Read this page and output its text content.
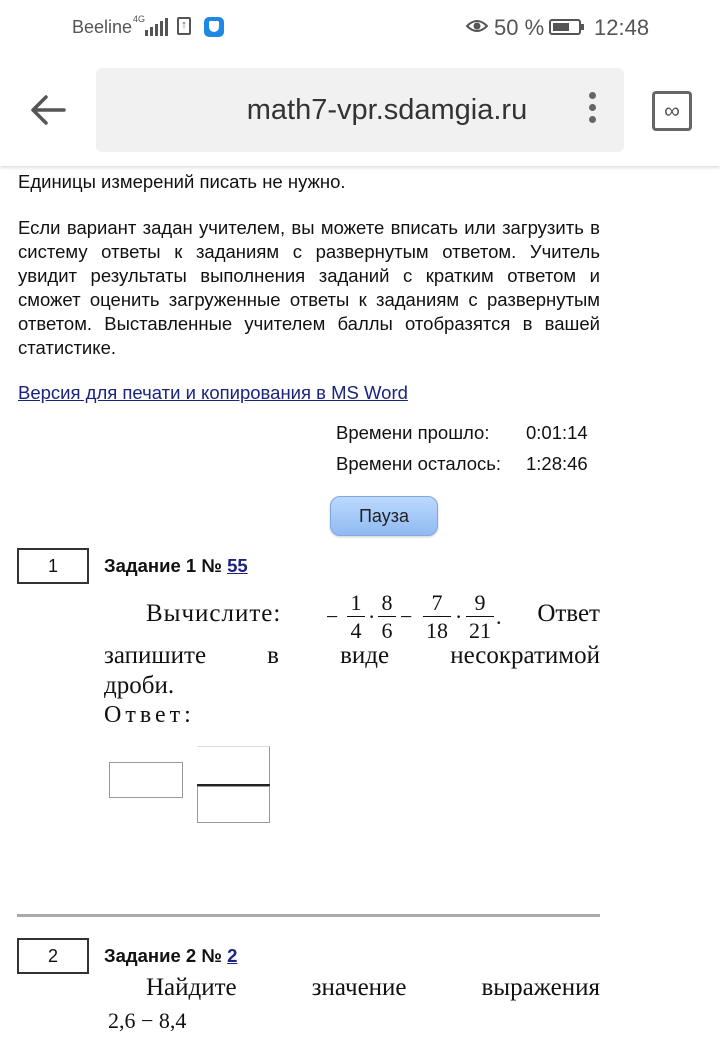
Beeline 4G	↑	50 % 12:48
math7-vpr.sdamgia.ru	∞
Единицы измерений писать не нужно.
Если вариант задан учителем, вы можете вписать или загрузить в систему ответы к заданиям с развернутым ответом. Учитель увидит результаты выполнения заданий с кратким ответом и сможет оценить загруженные ответы к заданиям с развернутым ответом. Выставленные учителем баллы отобразятся в вашей статистике.
Версия для печати и копирования в MS Word
Времени прошло: 0:01:14
Времени осталось: 1:28:46
Пауза
1	Задание 1 № 55
Вычислите: −
1
4
·
8
6
−
7
18
·
9
21
. Ответ
запишите в виде несократимой
дроби.
Ответ:
2	Задание 2 № 2
Найдите	значение	выражения
2,6 − 8,4
